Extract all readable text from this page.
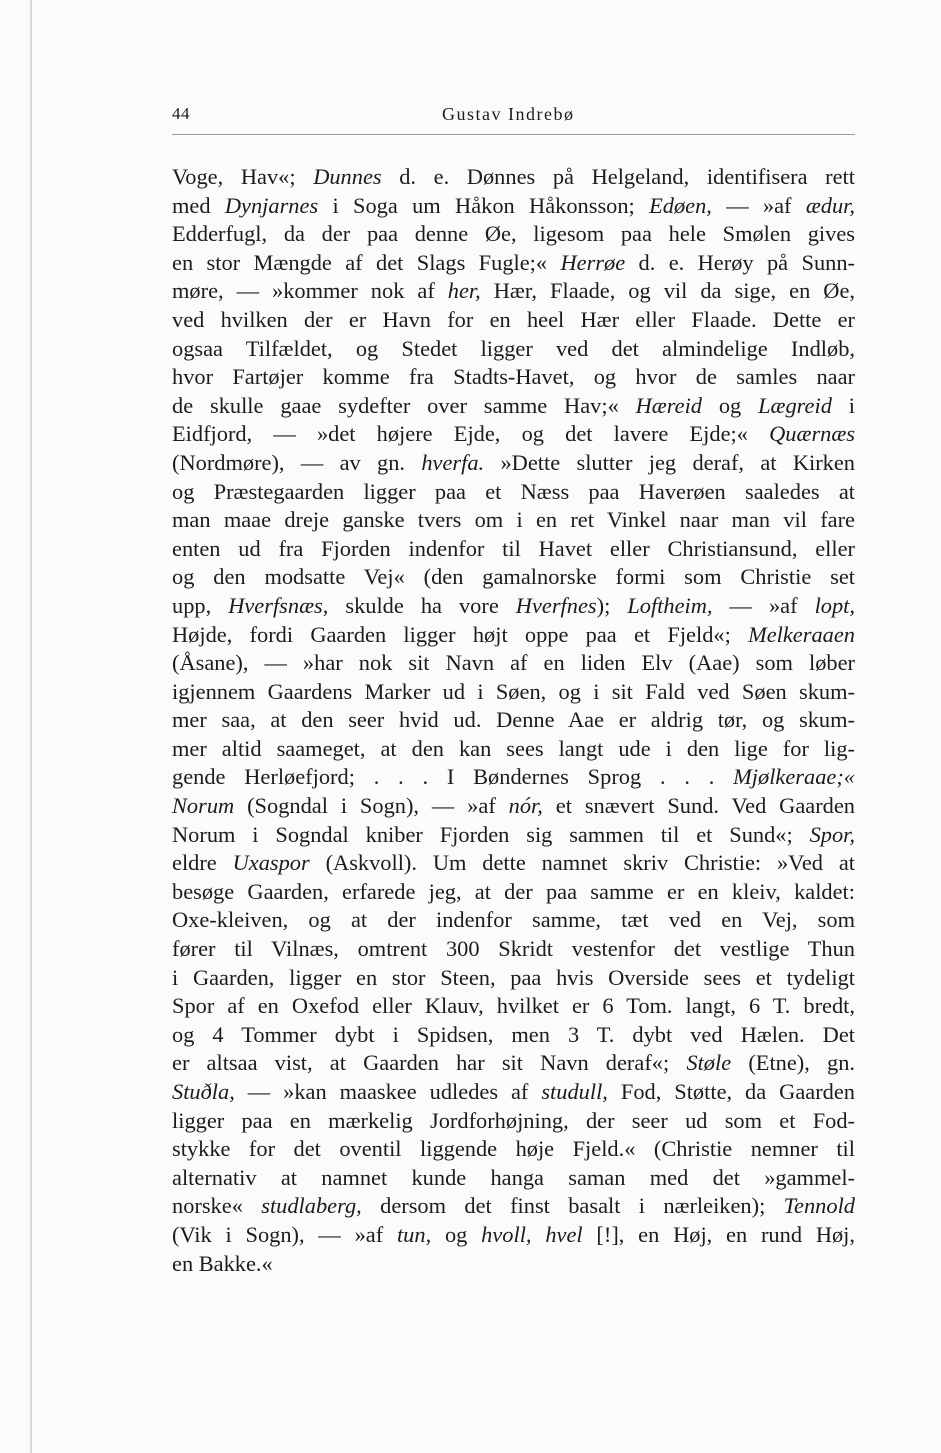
44	Gustav Indrebø
Voge, Hav«; Dunnes d. e. Dønnes på Helgeland, identifisera rett
med Dynjarnes i Soga um Håkon Håkonsson; Edøen, — »af ædur,
Edderfugl, da der paa denne Øe, ligesom paa hele Smølen gives
en stor Mængde af det Slags Fugle;« Herrøe d. e. Herøy på Sunn-
møre, — »kommer nok af her, Hær, Flaade, og vil da sige, en Øe,
ved hvilken der er Havn for en heel Hær eller Flaade. Dette er
ogsaa Tilfældet, og Stedet ligger ved det almindelige Indløb,
hvor Fartøjer komme fra Stadts-Havet, og hvor de samles naar
de skulle gaae sydefter over samme Hav;« Hæreid og Lægreid i
Eidfjord, — »det højere Ejde, og det lavere Ejde;« Quærnæs
(Nordmøre), — av gn. hverfa. »Dette slutter jeg deraf, at Kirken
og Præstegaarden ligger paa et Næss paa Haverøen saaledes at
man maae dreje ganske tvers om i en ret Vinkel naar man vil fare
enten ud fra Fjorden indenfor til Havet eller Christiansund, eller
og den modsatte Vej« (den gamalnorske formi som Christie set
upp, Hverfsnæs, skulde ha vore Hverfnes); Loftheim, — »af lopt,
Højde, fordi Gaarden ligger højt oppe paa et Fjeld«; Melkeraaen
(Åsane), — »har nok sit Navn af en liden Elv (Aae) som løber
igjennem Gaardens Marker ud i Søen, og i sit Fald ved Søen skum-
mer saa, at den seer hvid ud. Denne Aae er aldrig tør, og skum-
mer altid saameget, at den kan sees langt ude i den lige for lig-
gende Herløefjord; . . . I Bøndernes Sprog . . . Mjølkeraae;«
Norum (Sogndal i Sogn), — »af nór, et snævert Sund. Ved Gaarden
Norum i Sogndal kniber Fjorden sig sammen til et Sund«; Spor,
eldre Uxaspor (Askvoll). Um dette namnet skriv Christie: »Ved at
besøge Gaarden, erfarede jeg, at der paa samme er en kleiv, kaldet:
Oxe-kleiven, og at der indenfor samme, tæt ved en Vej, som
fører til Vilnæs, omtrent 300 Skridt vestenfor det vestlige Thun
i Gaarden, ligger en stor Steen, paa hvis Overside sees et tydeligt
Spor af en Oxefod eller Klauv, hvilket er 6 Tom. langt, 6 T. bredt,
og 4 Tommer dybt i Spidsen, men 3 T. dybt ved Hælen. Det
er altsaa vist, at Gaarden har sit Navn deraf«; Støle (Etne), gn.
Stuðla, — »kan maaskee udledes af studull, Fod, Støtte, da Gaarden
ligger paa en mærkelig Jordforhøjning, der seer ud som et Fod-
stykke for det oventil liggende høje Fjeld.« (Christie nemner til
alternativ at namnet kunde hanga saman med det »gammel-
norske« studlaberg, dersom det finst basalt i nærleiken); Tennold
(Vik i Sogn), — »af tun, og hvoll, hvel [!], en Høj, en rund Høj,
en Bakke.«
